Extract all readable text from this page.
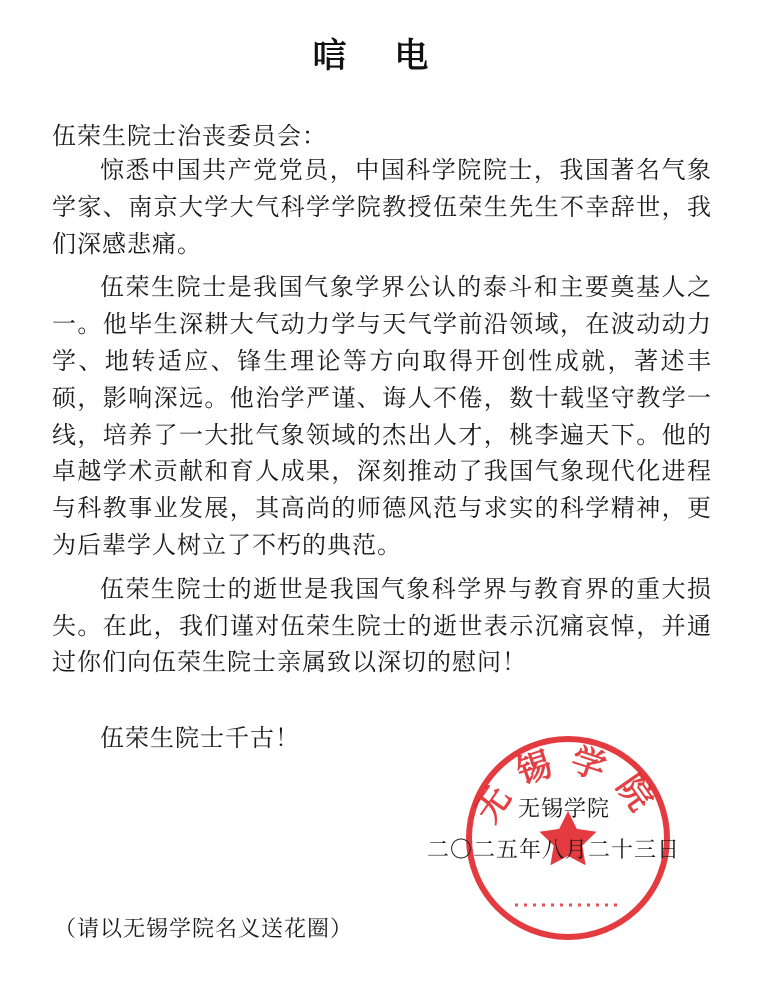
唁 电
伍荣生院士治丧委员会：

惊悉中国共产党党员，中国科学院院士，我国著名气象学家、南京大学大气科学学院教授伍荣生先生不幸辞世，我们深感悲痛。

伍荣生院士是我国气象学界公认的泰斗和主要奠基人之一。他毕生深耕大气动力学与天气学前沿领域，在波动动力学、地转适应、锋生理论等方向取得开创性成就，著述丰硕，影响深远。他治学严谨、诲人不倦，数十载坚守教学一线，培养了一大批气象领域的杰出人才，桃李遍天下。他的卓越学术贡献和育人成果，深刻推动了我国气象现代化进程与科教事业发展，其高尚的师德风范与求实的科学精神，更为后辈学人树立了不朽的典范。

伍荣生院士的逝世是我国气象科学界与教育界的重大损失。在此，我们谨对伍荣生院士的逝世表示沉痛哀悼，并通过你们向伍荣生院士亲属致以深切的慰问！

伍荣生院士千古！
无锡学院
无锡学院
二〇二五年八月二十三日
（请以无锡学院名义送花圈）
